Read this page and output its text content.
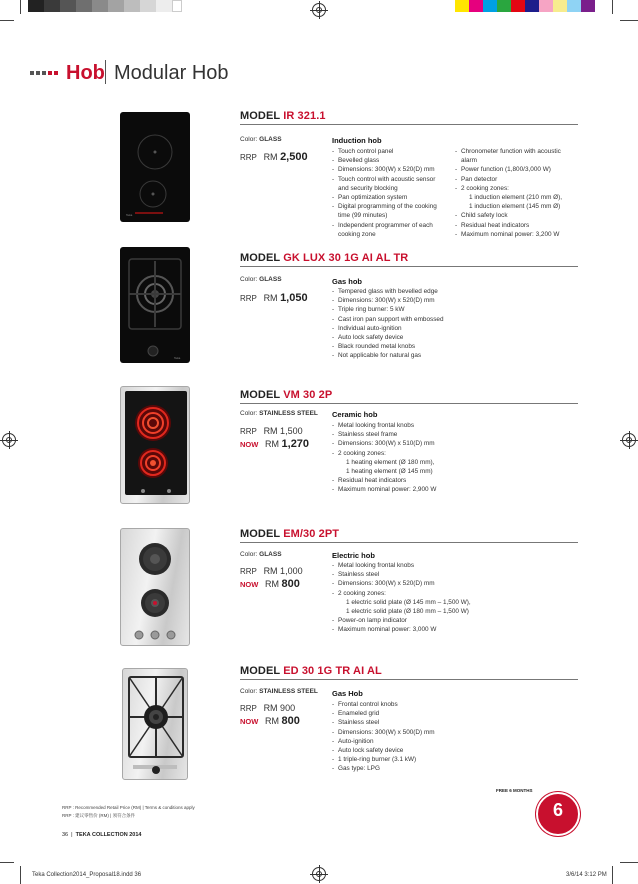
Hob Modular Hob
Teka
MODEL IR 321.1
Color: GLASS
RRP RM 2,500
Induction hob
- Touch control panel
- Bevelled glass
- Dimensions: 300(W) x 520(D) mm
- Touch control with acoustic sensor
and security blocking
- Pan optimization system
- Digital programming of the cooking
time (99 minutes)
- Independent programmer of each
cooking zone
- Chronometer function with acoustic
alarm
- Power function (1,800/3,000 W)
- Pan detector
- 2 cooking zones:
1 induction element (210 mm Ø),
1 induction element (145 mm Ø)
- Child safety lock
- Residual heat indicators
- Maximum nominal power: 3,200 W
Teka
MODEL GK LUX 30 1G AI AL TR
Color: GLASS
RRP RM 1,050
Gas hob
- Tempered glass with bevelled edge
- Dimensions: 300(W) x 520(D) mm
- Triple ring burner: 5 kW
- Cast iron pan support with embossed
- Individual auto-ignition
- Auto lock safety device
- Black rounded metal knobs
- Not applicable for natural gas
MODEL VM 30 2P
Color: STAINLESS STEEL
RRP RM 1,500
NOW RM 1,270
Ceramic hob
- Metal looking frontal knobs
- Stainless steel frame
- Dimensions: 300(W) x 510(D) mm
- 2 cooking zones:
1 heating element (Ø 180 mm),
1 heating element (Ø 145 mm)
- Residual heat indicators
- Maximum nominal power: 2,900 W
MODEL EM/30 2PT
Color: GLASS
RRP RM 1,000
NOW RM 800
Electric hob
- Metal looking frontal knobs
- Stainless steel
- Dimensions: 300(W) x 520(D) mm
- 2 cooking zones:
1 electric solid plate (Ø 145 mm – 1,500 W),
1 electric solid plate (Ø 180 mm – 1,500 W)
- Power-on lamp indicator
- Maximum nominal power: 3,000 W
MODEL ED 30 1G TR AI AL
Color: STAINLESS STEEL
RRP RM 900
NOW RM 800
Gas Hob
- Frontal control knobs
- Enameled grid
- Stainless steel
- Dimensions: 300(W) x 500(D) mm
- Auto-ignition
- Auto lock safety device
- 1 triple-ring burner (3.1 kW)
- Gas type: LPG
FREE 6 MONTHS
6
RRP : Recommended Retail Price (RM) | Terms & conditions apply
RRP : 建议零售价 (RM) | 须符合条件
36  |  TEKA COLLECTION 2014
Teka Collection2014_Proposal18.indd 36	3/6/14 3:12 PM
